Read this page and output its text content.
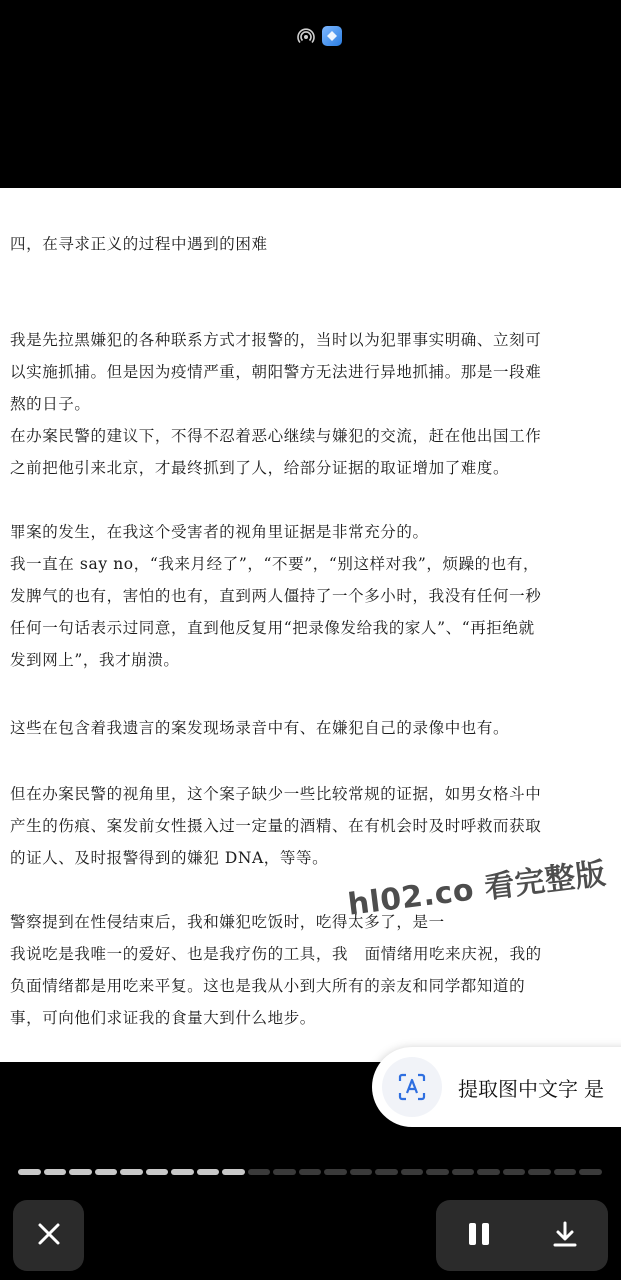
四，在寻求正义的过程中遇到的困难

我是先拉黑嫌犯的各种联系方式才报警的，当时以为犯罪事实明确、立刻可以实施抓捕。但是因为疫情严重，朝阳警方无法进行异地抓捕。那是一段难熬的日子。
在办案民警的建议下，不得不忍着恶心继续与嫌犯的交流，赶在他出国工作之前把他引来北京，才最终抓到了人，给部分证据的取证增加了难度。

罪案的发生，在我这个受害者的视角里证据是非常充分的。
我一直在 say no，“我来月经了”，“不要”，“别这样对我”，烦躁的也有，发脾气的也有，害怕的也有，直到两人僵持了一个多小时，我没有任何一秒任何一句话表示过同意，直到他反复用“把录像发给我的家人”、“再拒绝就发到网上”，我才崩溃。

这些在包含着我遗言的案发现场录音中有、在嫌犯自己的录像中也有。

但在办案民警的视角里，这个案子缺少一些比较常规的证据，如男女格斗中产生的伤痕、案发前女性摄入过一定量的酒精、在有机会时及时呼救而获取的证人、及时报警得到的嫌犯 DNA，等等。

警察提到在性侵结束后，我和嫌犯吃饭时，吃得太多了，是一
我说吃是我唯一的爱好、也是我疗伤的工具，我   面情绪用吃来庆祝，我的负面情绪都是用吃来平复。这也是我从小到大所有的亲友和同学都知道的事，可向他们求证我的食量大到什么地步。

hl02.co 看完整版
提取图中文字 是
